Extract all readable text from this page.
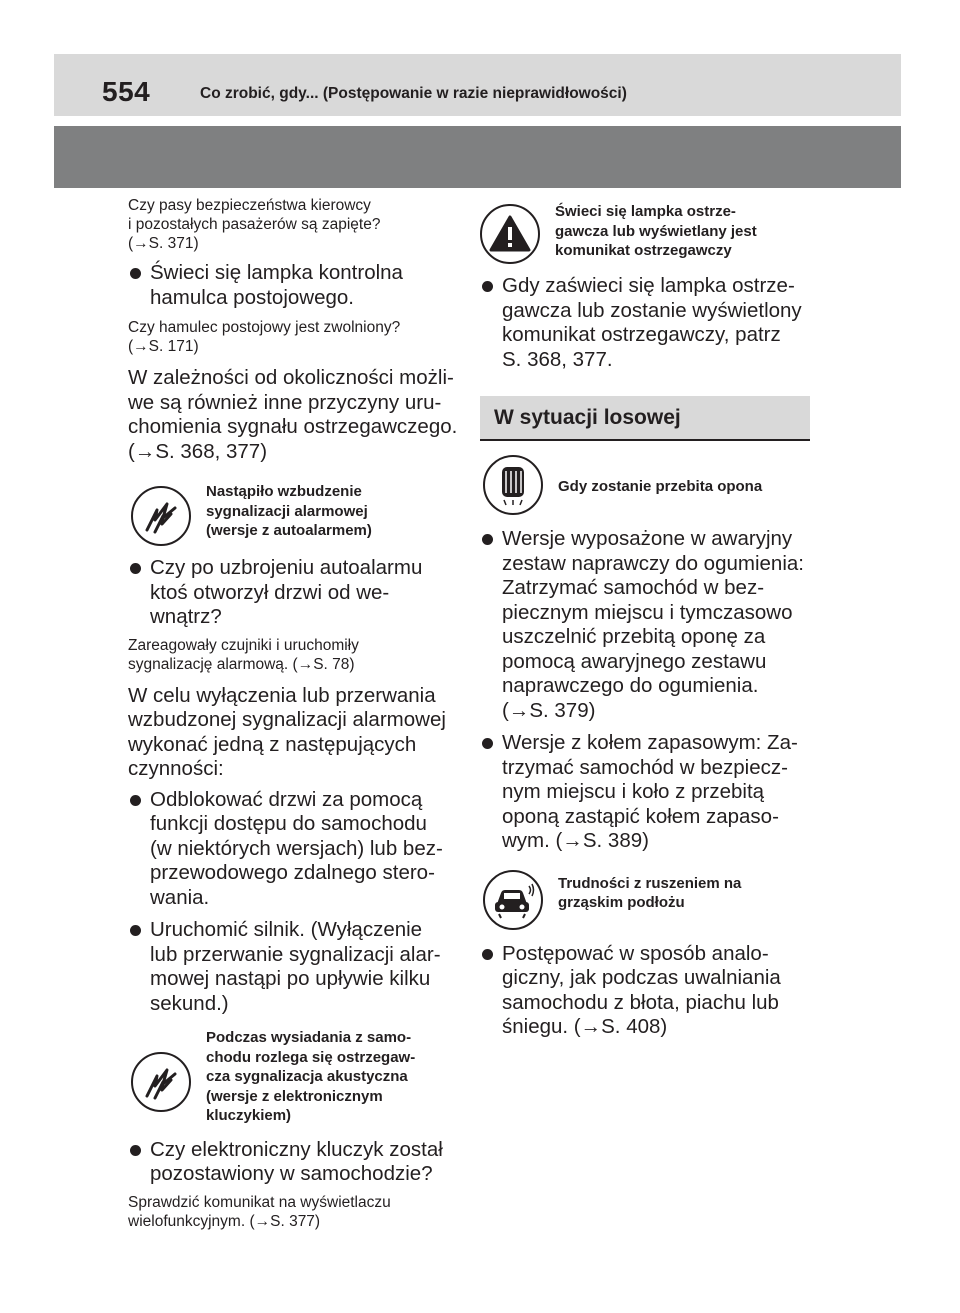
554	Co zrobić, gdy... (Postępowanie w razie nieprawidłowości)

Czy pasy bezpieczeństwa kierowcy
i pozostałych pasażerów są zapięte?
(→S. 371)

Świeci się lampka kontrolna
hamulca postojowego.

Czy hamulec postojowy jest zwolniony?
(→S. 171)

W zależności od okoliczności możli-
we są również inne przyczyny uru-
chomienia sygnału ostrzegawczego.
(→S. 368, 377)

Nastąpiło wzbudzenie
sygnalizacji alarmowej
(wersje z autoalarmem)

Czy po uzbrojeniu autoalarmu
ktoś otworzył drzwi od we-
wnątrz?

Zareagowały czujniki i uruchomiły
sygnalizację alarmową. (→S. 78)

W celu wyłączenia lub przerwania
wzbudzonej sygnalizacji alarmowej
wykonać jedną z następujących
czynności:

Odblokować drzwi za pomocą
funkcji dostępu do samochodu
(w niektórych wersjach) lub bez-
przewodowego zdalnego stero-
wania.

Uruchomić silnik. (Wyłączenie
lub przerwanie sygnalizacji alar-
mowej nastąpi po upływie kilku
sekund.)

Podczas wysiadania z samo-
chodu rozlega się ostrzegaw-
cza sygnalizacja akustyczna
(wersje z elektronicznym
kluczykiem)

Czy elektroniczny kluczyk został
pozostawiony w samochodzie?

Sprawdzić komunikat na wyświetlaczu
wielofunkcyjnym. (→S. 377)

Świeci się lampka ostrze-
gawcza lub wyświetlany jest
komunikat ostrzegawczy

Gdy zaświeci się lampka ostrze-
gawcza lub zostanie wyświetlony
komunikat ostrzegawczy, patrz
S. 368, 377.

W sytuacji losowej
Gdy zostanie przebita opona

Wersje wyposażone w awaryjny
zestaw naprawczy do ogumienia:
Zatrzymać samochód w bez-
piecznym miejscu i tymczasowo
uszczelnić przebitą oponę za
pomocą awaryjnego zestawu
naprawczego do ogumienia.
(→S. 379)

Wersje z kołem zapasowym: Za-
trzymać samochód w bezpiecz-
nym miejscu i koło z przebitą
oponą zastąpić kołem zapaso-
wym. (→S. 389)

Trudności z ruszeniem na
grząskim podłożu

Postępować w sposób analo-
giczny, jak podczas uwalniania
samochodu z błota, piachu lub
śniegu. (→S. 408)
